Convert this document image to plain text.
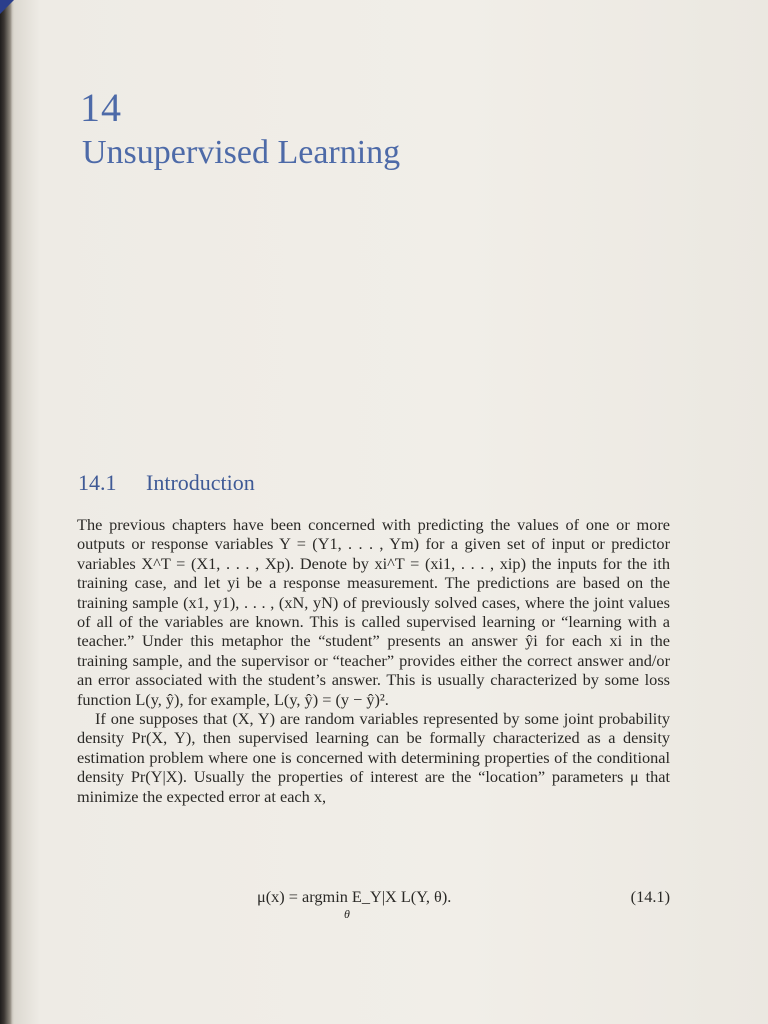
14
Unsupervised Learning
14.1 Introduction

The previous chapters have been concerned with predicting the values of one or more outputs or response variables Y = (Y1, . . . , Ym) for a given set of input or predictor variables X^T = (X1, . . . , Xp). Denote by xi^T = (xi1, . . . , xip) the inputs for the ith training case, and let yi be a response measurement. The predictions are based on the training sample (x1, y1), . . . , (xN, yN) of previously solved cases, where the joint values of all of the variables are known. This is called supervised learning or “learning with a teacher.” Under this metaphor the “student” presents an answer ŷi for each xi in the training sample, and the supervisor or “teacher” provides either the correct answer and/or an error associated with the student’s answer. This is usually characterized by some loss function L(y, ŷ), for example, L(y, ŷ) = (y − ŷ)².

If one supposes that (X, Y) are random variables represented by some joint probability density Pr(X, Y), then supervised learning can be formally characterized as a density estimation problem where one is concerned with determining properties of the conditional density Pr(Y|X). Usually the properties of interest are the “location” parameters μ that minimize the expected error at each x,

μ(x) = argmin E_Y|X L(Y, θ).
θ
(14.1)
